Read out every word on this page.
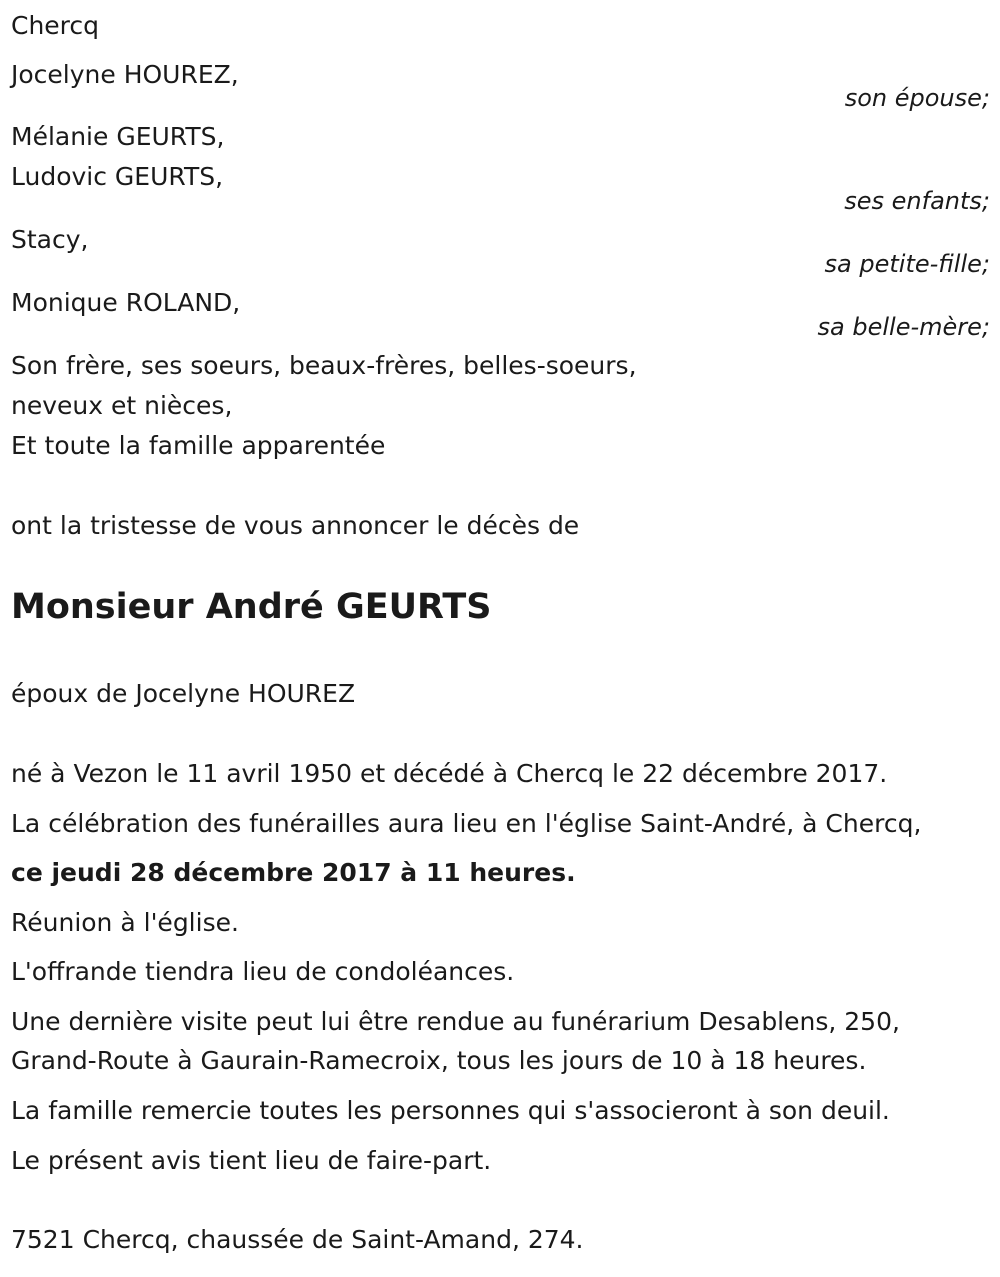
Chercq
Jocelyne HOUREZ,
son épouse;
Mélanie GEURTS,
Ludovic GEURTS,
ses enfants;
Stacy,
sa petite-fille;
Monique ROLAND,
sa belle-mère;
Son frère, ses soeurs, beaux-frères, belles-soeurs,
neveux et nièces,
Et toute la famille apparentée
ont la tristesse de vous annoncer le décès de
Monsieur André GEURTS
époux de Jocelyne HOUREZ
né à Vezon le 11 avril 1950 et décédé à Chercq le 22 décembre 2017.
La célébration des funérailles aura lieu en l'église Saint-André, à Chercq,
ce jeudi 28 décembre 2017 à 11 heures.
Réunion à l'église.
L'offrande tiendra lieu de condoléances.
Une dernière visite peut lui être rendue au funérarium Desablens, 250,
Grand-Route à Gaurain-Ramecroix, tous les jours de 10 à 18 heures.
La famille remercie toutes les personnes qui s'associeront à son deuil.
Le présent avis tient lieu de faire-part.
7521 Chercq, chaussée de Saint-Amand, 274.
